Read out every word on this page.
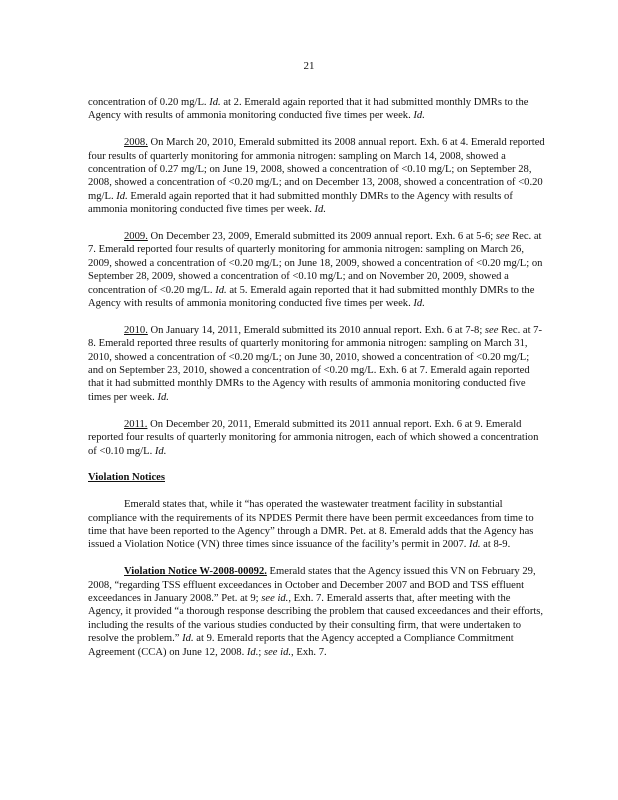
21

concentration of 0.20 mg/L. Id. at 2. Emerald again reported that it had submitted monthly DMRs to the Agency with results of ammonia monitoring conducted five times per week. Id.

2008. On March 20, 2010, Emerald submitted its 2008 annual report. Exh. 6 at 4. Emerald reported four results of quarterly monitoring for ammonia nitrogen: sampling on March 14, 2008, showed a concentration of 0.27 mg/L; on June 19, 2008, showed a concentration of <0.10 mg/L; on September 28, 2008, showed a concentration of <0.20 mg/L; and on December 13, 2008, showed a concentration of <0.20 mg/L. Id. Emerald again reported that it had submitted monthly DMRs to the Agency with results of ammonia monitoring conducted five times per week. Id.

2009. On December 23, 2009, Emerald submitted its 2009 annual report. Exh. 6 at 5-6; see Rec. at 7. Emerald reported four results of quarterly monitoring for ammonia nitrogen: sampling on March 26, 2009, showed a concentration of <0.20 mg/L; on June 18, 2009, showed a concentration of <0.20 mg/L; on September 28, 2009, showed a concentration of <0.10 mg/L; and on November 20, 2009, showed a concentration of <0.20 mg/L. Id. at 5. Emerald again reported that it had submitted monthly DMRs to the Agency with results of ammonia monitoring conducted five times per week. Id.

2010. On January 14, 2011, Emerald submitted its 2010 annual report. Exh. 6 at 7-8; see Rec. at 7-8. Emerald reported three results of quarterly monitoring for ammonia nitrogen: sampling on March 31, 2010, showed a concentration of <0.20 mg/L; on June 30, 2010, showed a concentration of <0.20 mg/L; and on September 23, 2010, showed a concentration of <0.20 mg/L. Exh. 6 at 7. Emerald again reported that it had submitted monthly DMRs to the Agency with results of ammonia monitoring conducted five times per week. Id.

2011. On December 20, 2011, Emerald submitted its 2011 annual report. Exh. 6 at 9. Emerald reported four results of quarterly monitoring for ammonia nitrogen, each of which showed a concentration of <0.10 mg/L. Id.

Violation Notices

Emerald states that, while it “has operated the wastewater treatment facility in substantial compliance with the requirements of its NPDES Permit there have been permit exceedances from time to time that have been reported to the Agency” through a DMR. Pet. at 8. Emerald adds that the Agency has issued a Violation Notice (VN) three times since issuance of the facility’s permit in 2007. Id. at 8-9.

Violation Notice W-2008-00092. Emerald states that the Agency issued this VN on February 29, 2008, “regarding TSS effluent exceedances in October and December 2007 and BOD and TSS effluent exceedances in January 2008.” Pet. at 9; see id., Exh. 7. Emerald asserts that, after meeting with the Agency, it provided “a thorough response describing the problem that caused exceedances and their efforts, including the results of the various studies conducted by their consulting firm, that were undertaken to resolve the problem.” Id. at 9. Emerald reports that the Agency accepted a Compliance Commitment Agreement (CCA) on June 12, 2008. Id.; see id., Exh. 7.
